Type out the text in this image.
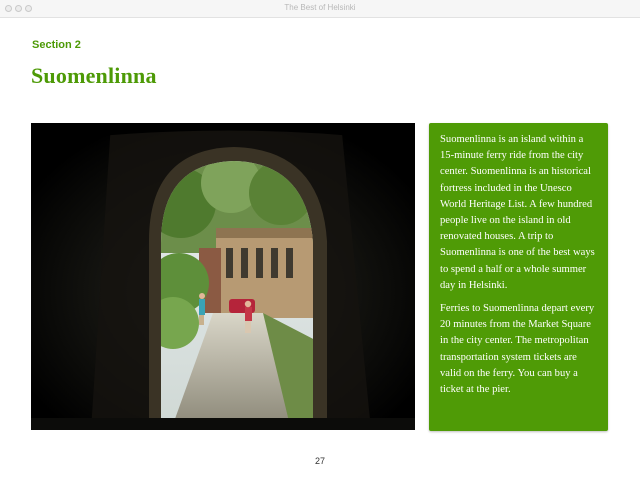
The Best of Helsinki
Section 2
Suomenlinna

Suomenlinna is an island within a 15-minute ferry ride from the city center. Suomenlinna is an historical fortress included in the Unesco World Heritage List. A few hundred people live on the island in old renovated houses. A trip to Suomenlinna is one of the best ways to spend a half or a whole summer day in Helsinki.

Ferries to Suomenlinna depart every 20 minutes from the Market Square in the city center. The metropolitan transportation system tickets are valid on the ferry. You can buy a ticket at the pier.

27
